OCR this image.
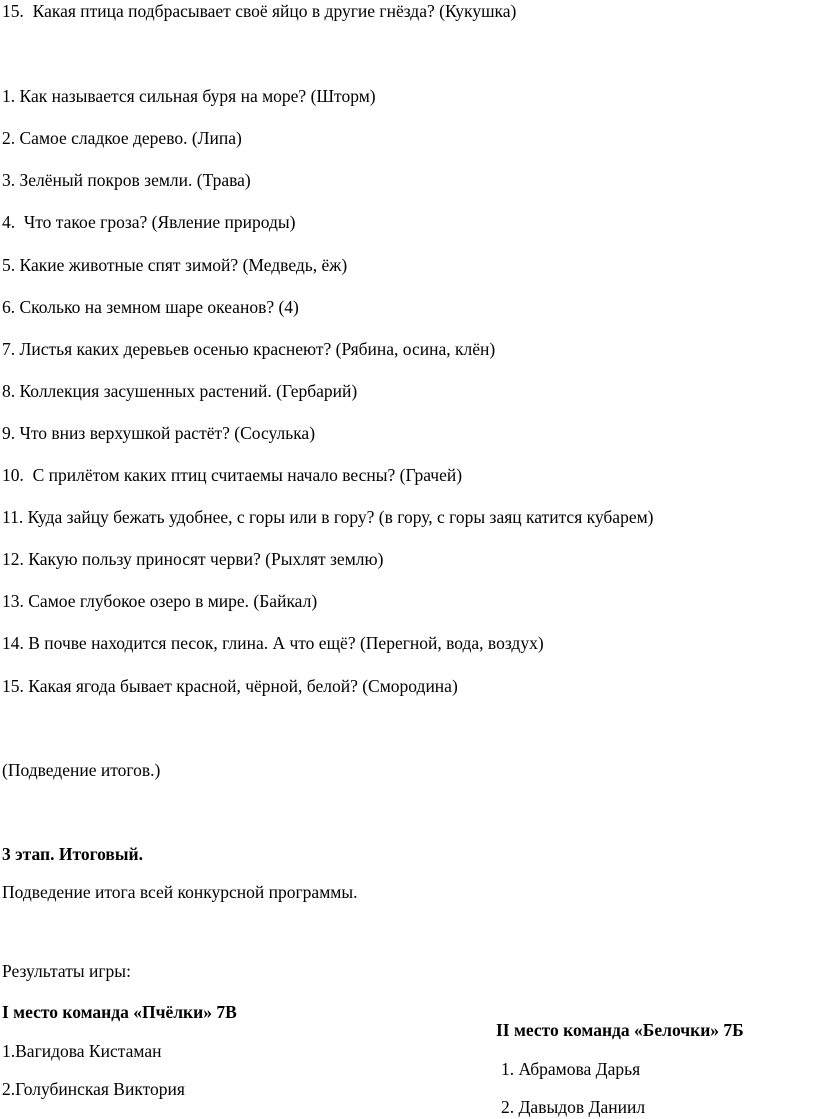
15.  Какая птица подбрасывает своё яйцо в другие гнёзда? (Кукушка)

1. Как называется сильная буря на море? (Шторм)

2. Самое сладкое дерево. (Липа)

3. Зелёный покров земли. (Трава)

4.  Что такое гроза? (Явление природы)

5. Какие животные спят зимой? (Медведь, ёж)

6. Сколько на земном шаре океанов? (4)

7. Листья каких деревьев осенью краснеют? (Рябина, осина, клён)

8. Коллекция засушенных растений. (Гербарий)

9. Что вниз верхушкой растёт? (Сосулька)

10.  С прилётом каких птиц считаемы начало весны? (Грачей)

11. Куда зайцу бежать удобнее, с горы или в гору? (в гору, с горы заяц катится кубарем)

12. Какую пользу приносят черви? (Рыхлят землю)

13. Самое глубокое озеро в мире. (Байкал)

14. В почве находится песок, глина. А что ещё? (Перегной, вода, воздух)

15. Какая ягода бывает красной, чёрной, белой? (Смородина)

(Подведение итогов.)

3 этап. Итоговый.

Подведение итога всей конкурсной программы.

Результаты игры:

I место команда «Пчёлки» 7В

II место команда «Белочки» 7Б

1.Вагидова Кистаман

1. Абрамова Дарья

2.Голубинская Виктория

2. Давыдов Даниил
